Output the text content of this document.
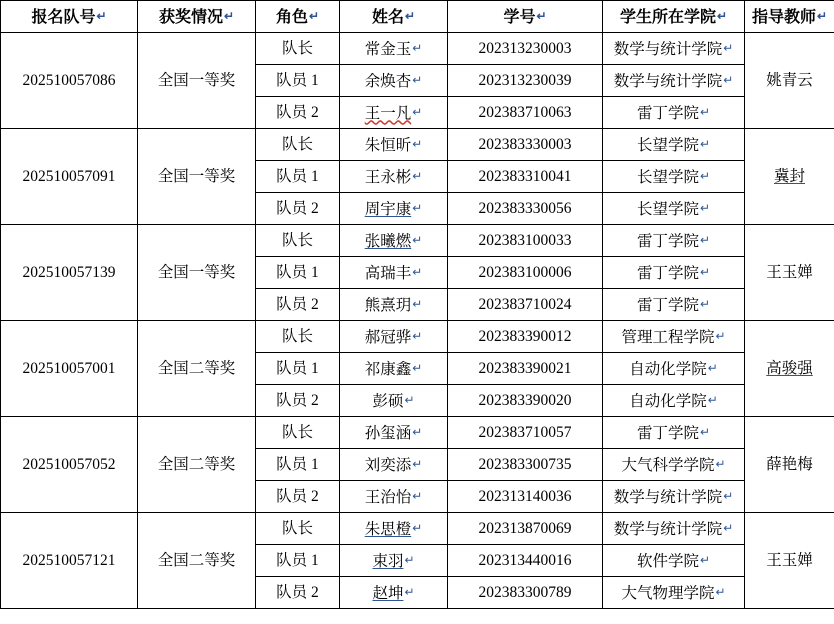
报名队号↵	获奖情况↵	角色↵	姓名↵	学号↵	学生所在学院↵	指导教师↵
202510057086	全国一等奖	队长	常金玉↵	202313230003	数学与统计学院↵	姚青云
		队员 1	余焕杏↵	202313230039	数学与统计学院↵	
		队员 2	王一凡↵	202383710063	雷丁学院↵	
202510057091	全国一等奖	队长	朱恒昕↵	202383330003	长望学院↵	冀封
		队员 1	王永彬↵	202383310041	长望学院↵	
		队员 2	周宇康↵	202383330056	长望学院↵	
202510057139	全国一等奖	队长	张曦燃↵	202383100033	雷丁学院↵	王玉婵
		队员 1	高瑞丰↵	202383100006	雷丁学院↵	
		队员 2	熊熹玥↵	202383710024	雷丁学院↵	
202510057001	全国二等奖	队长	郝冠骅↵	202383390012	管理工程学院↵	高骏强
		队员 1	祁康鑫↵	202383390021	自动化学院↵	
		队员 2	彭硕↵	202383390020	自动化学院↵	
202510057052	全国二等奖	队长	孙玺涵↵	202383710057	雷丁学院↵	薛艳梅
		队员 1	刘奕添↵	202383300735	大气科学学院↵	
		队员 2	王治怡↵	202313140036	数学与统计学院↵	
202510057121	全国二等奖	队长	朱思橙↵	202313870069	数学与统计学院↵	王玉婵
		队员 1	束羽↵	202313440016	软件学院↵	
		队员 2	赵坤↵	202383300789	大气物理学院↵	
